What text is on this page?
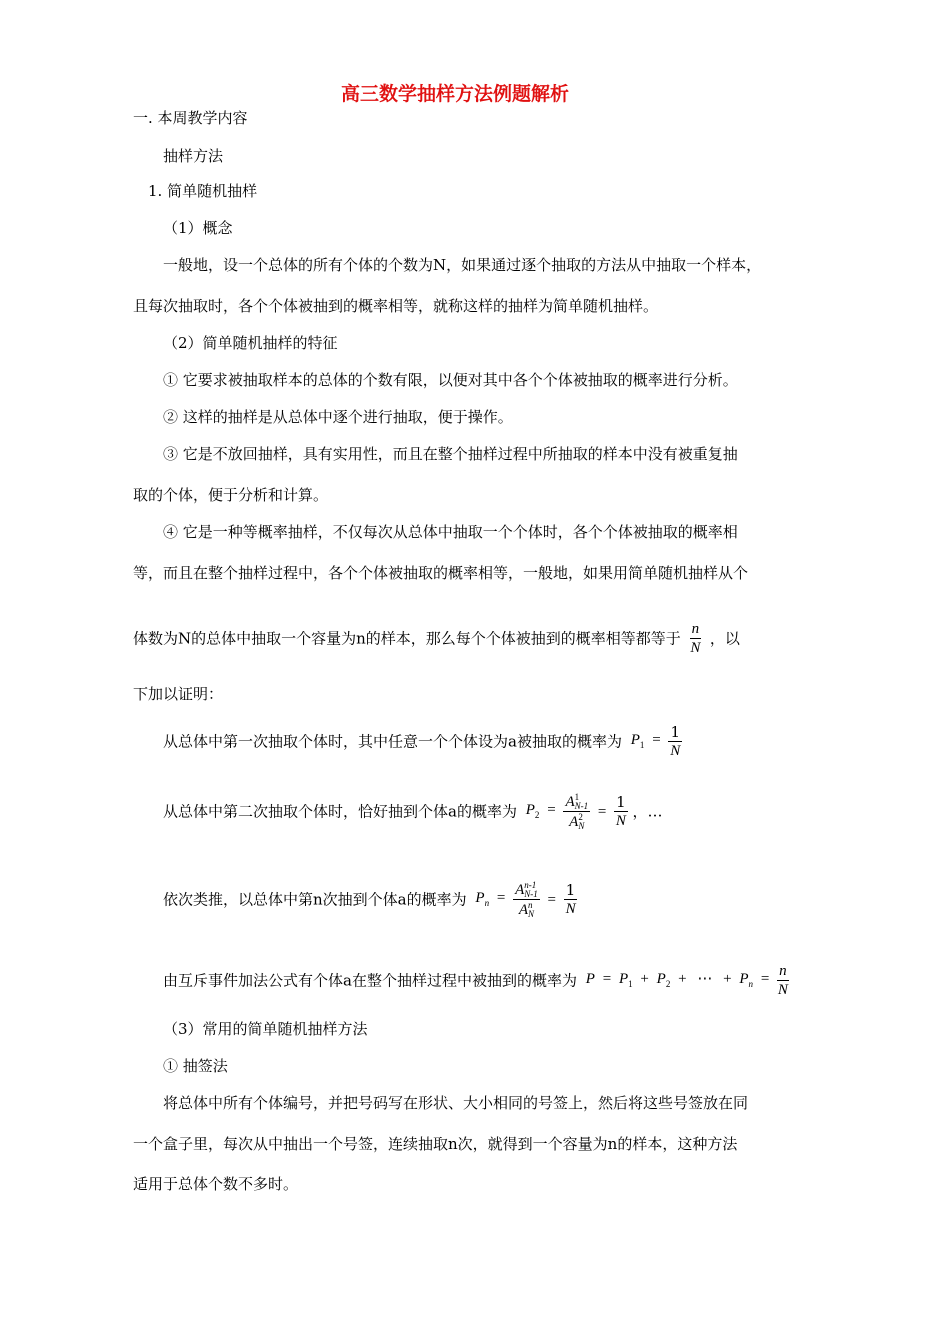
高三数学抽样方法例题解析
一. 本周教学内容
抽样方法
1. 简单随机抽样
（1）概念
一般地，设一个总体的所有个体的个数为N，如果通过逐个抽取的方法从中抽取一个样本，
且每次抽取时，各个个体被抽到的概率相等，就称这样的抽样为简单随机抽样。
（2）简单随机抽样的特征
① 它要求被抽取样本的总体的个数有限，以便对其中各个个体被抽取的概率进行分析。
② 这样的抽样是从总体中逐个进行抽取，便于操作。
③ 它是不放回抽样，具有实用性，而且在整个抽样过程中所抽取的样本中没有被重复抽
取的个体，便于分析和计算。
④ 它是一种等概率抽样，不仅每次从总体中抽取一个个体时，各个个体被抽取的概率相
等，而且在整个抽样过程中，各个个体被抽取的概率相等，一般地，如果用简单随机抽样从个
体数为N的总体中抽取一个容量为n的样本，那么每个个体被抽到的概率相等都等于 $\frac{n}{N}$ ，以
下加以证明：
从总体中第一次抽取个体时，其中任意一个个体设为a被抽取的概率为 $P_1 = \frac{1}{N}$
从总体中第二次抽取个体时，恰好抽到个体a的概率为 $P_2 = A$ 1
N-1
A 2
$N = \frac{1}{N}$ ，…
依次类推，以总体中第n次抽到个体a的概率为 $P_n = A$ n-1
N-1
A n
$N = \frac{1}{N}$
由互斥事件加法公式有个体a在整个抽样过程中被抽到的概率为 $P = P_1 + P_2$ + ⋯ + $P_n = \frac{n}{N}$
（3）常用的简单随机抽样方法
① 抽签法
将总体中所有个体编号，并把号码写在形状、大小相同的号签上，然后将这些号签放在同
一个盒子里，每次从中抽出一个号签，连续抽取n次，就得到一个容量为n的样本，这种方法
适用于总体个数不多时。
